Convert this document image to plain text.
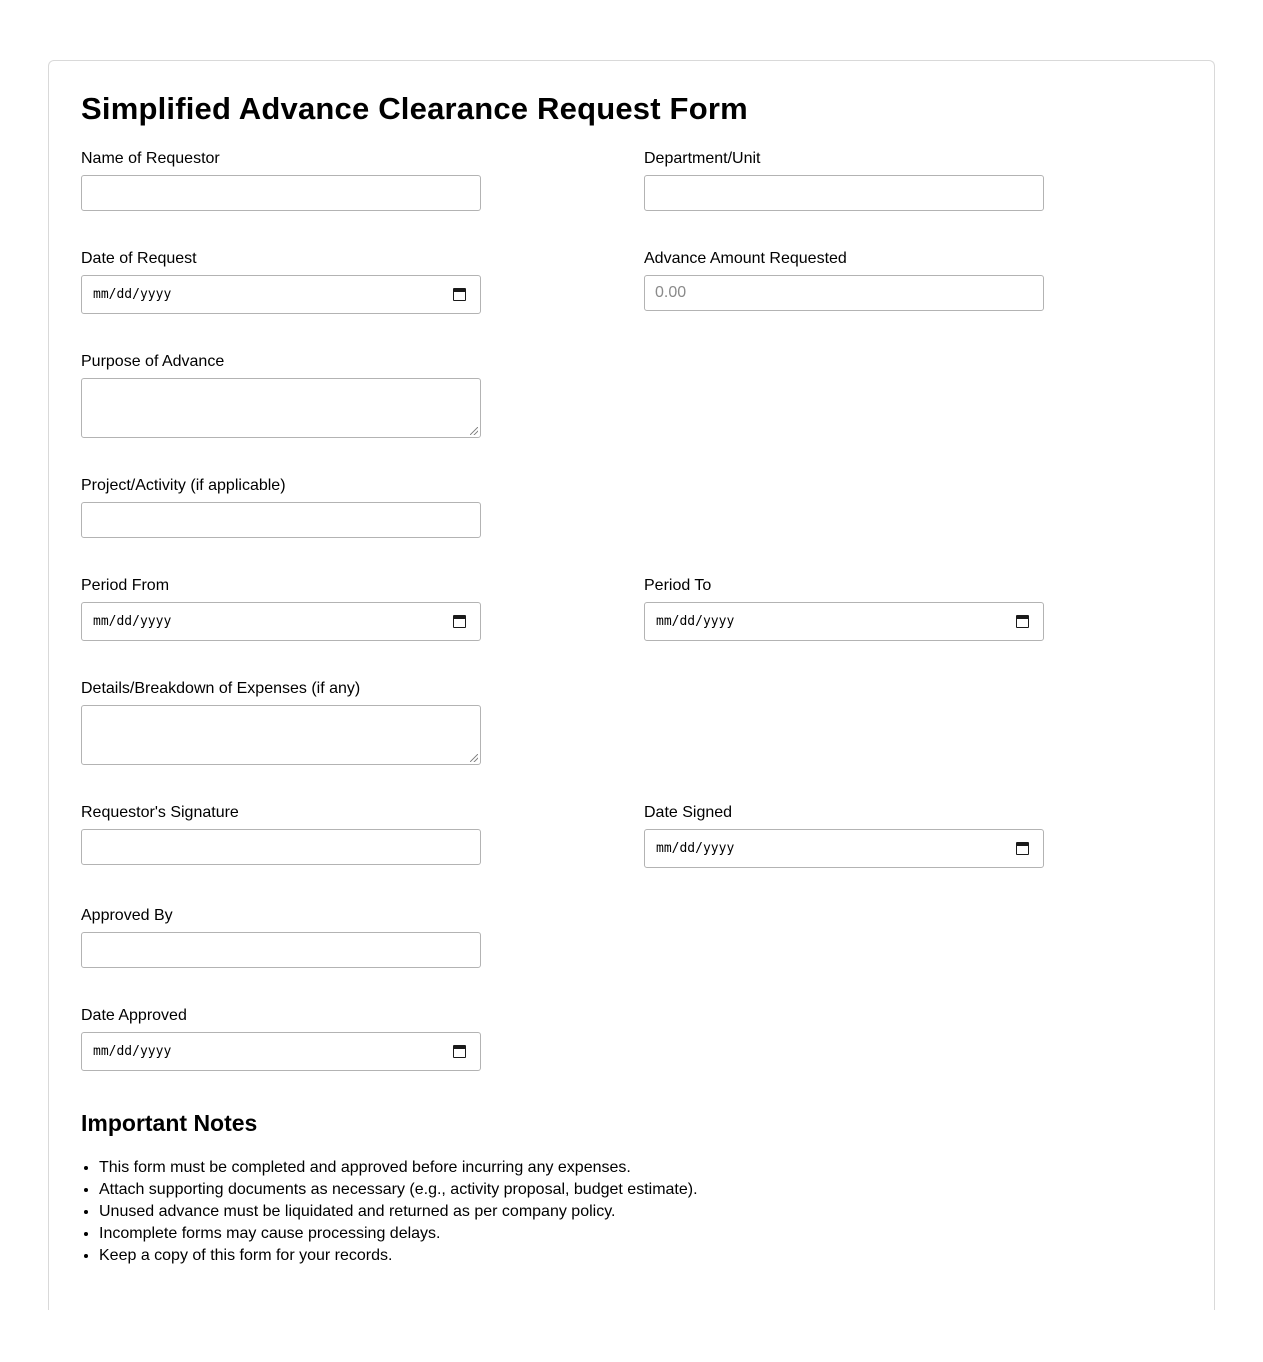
Simplified Advance Clearance Request Form
Name of Requestor	Department/Unit
Date of Request
mm/dd/yyyy
Advance Amount Requested
0.00
Purpose of Advance
Project/Activity (if applicable)
Period From
mm/dd/yyyy
Period To
mm/dd/yyyy
Details/Breakdown of Expenses (if any)
Requestor's Signature	Date Signed
mm/dd/yyyy
Approved By
Date Approved
mm/dd/yyyy
Important Notes
• This form must be completed and approved before incurring any expenses.
• Attach supporting documents as necessary (e.g., activity proposal, budget estimate).
• Unused advance must be liquidated and returned as per company policy.
• Incomplete forms may cause processing delays.
• Keep a copy of this form for your records.
